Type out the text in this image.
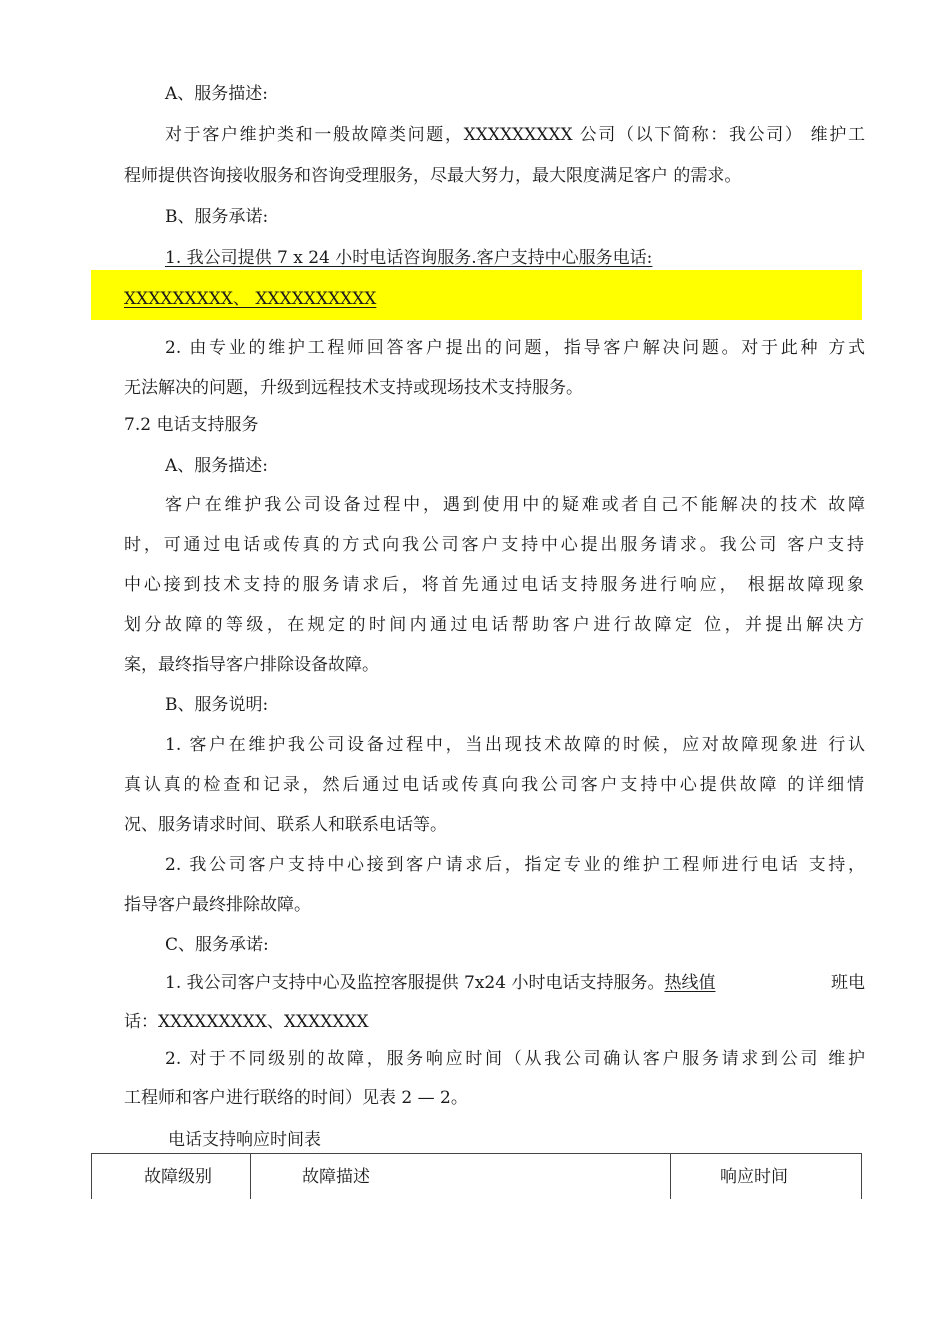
A、服务描述:
对于客户维护类和一般故障类问题，XXXXXXXXX 公司（以下简称：我公司） 维护工
程师提供咨询接收服务和咨询受理服务，尽最大努力，最大限度满足客户 的需求。
B、服务承诺:
1. 我公司提供 7 x 24 小时电话咨询服务.客户支持中心服务电话:
XXXXXXXXX、 XXXXXXXXXX
2. 由专业的维护工程师回答客户提出的问题，指导客户解决问题。对于此种 方式
无法解决的问题，升级到远程技术支持或现场技术支持服务。
7.2 电话支持服务
A、服务描述:
客户在维护我公司设备过程中，遇到使用中的疑难或者自己不能解决的技术 故障
时，可通过电话或传真的方式向我公司客户支持中心提出服务请求。我公司 客户支持
中心接到技术支持的服务请求后，将首先通过电话支持服务进行响应， 根据故障现象
划分故障的等级，在规定的时间内通过电话帮助客户进行故障定 位，并提出解决方
案，最终指导客户排除设备故障。
B、服务说明:
1. 客户在维护我公司设备过程中，当出现技术故障的时候，应对故障现象进 行认
真认真的检查和记录，然后通过电话或传真向我公司客户支持中心提供故障 的详细情
况、服务请求时间、联系人和联系电话等。
2. 我公司客户支持中心接到客户请求后，指定专业的维护工程师进行电话 支持，
指导客户最终排除故障。
C、服务承诺:
1. 我公司客户支持中心及监控客服提供 7x24 小时电话支持服务。 热线值	班电
话：XXXXXXXXX、XXXXXXX
2. 对于不同级别的故障，服务响应时间（从我公司确认客户服务请求到公司 维护
工程师和客户进行联络的时间）见表 2 — 2。
电话支持响应时间表
故障级别	故障描述	响应时间
